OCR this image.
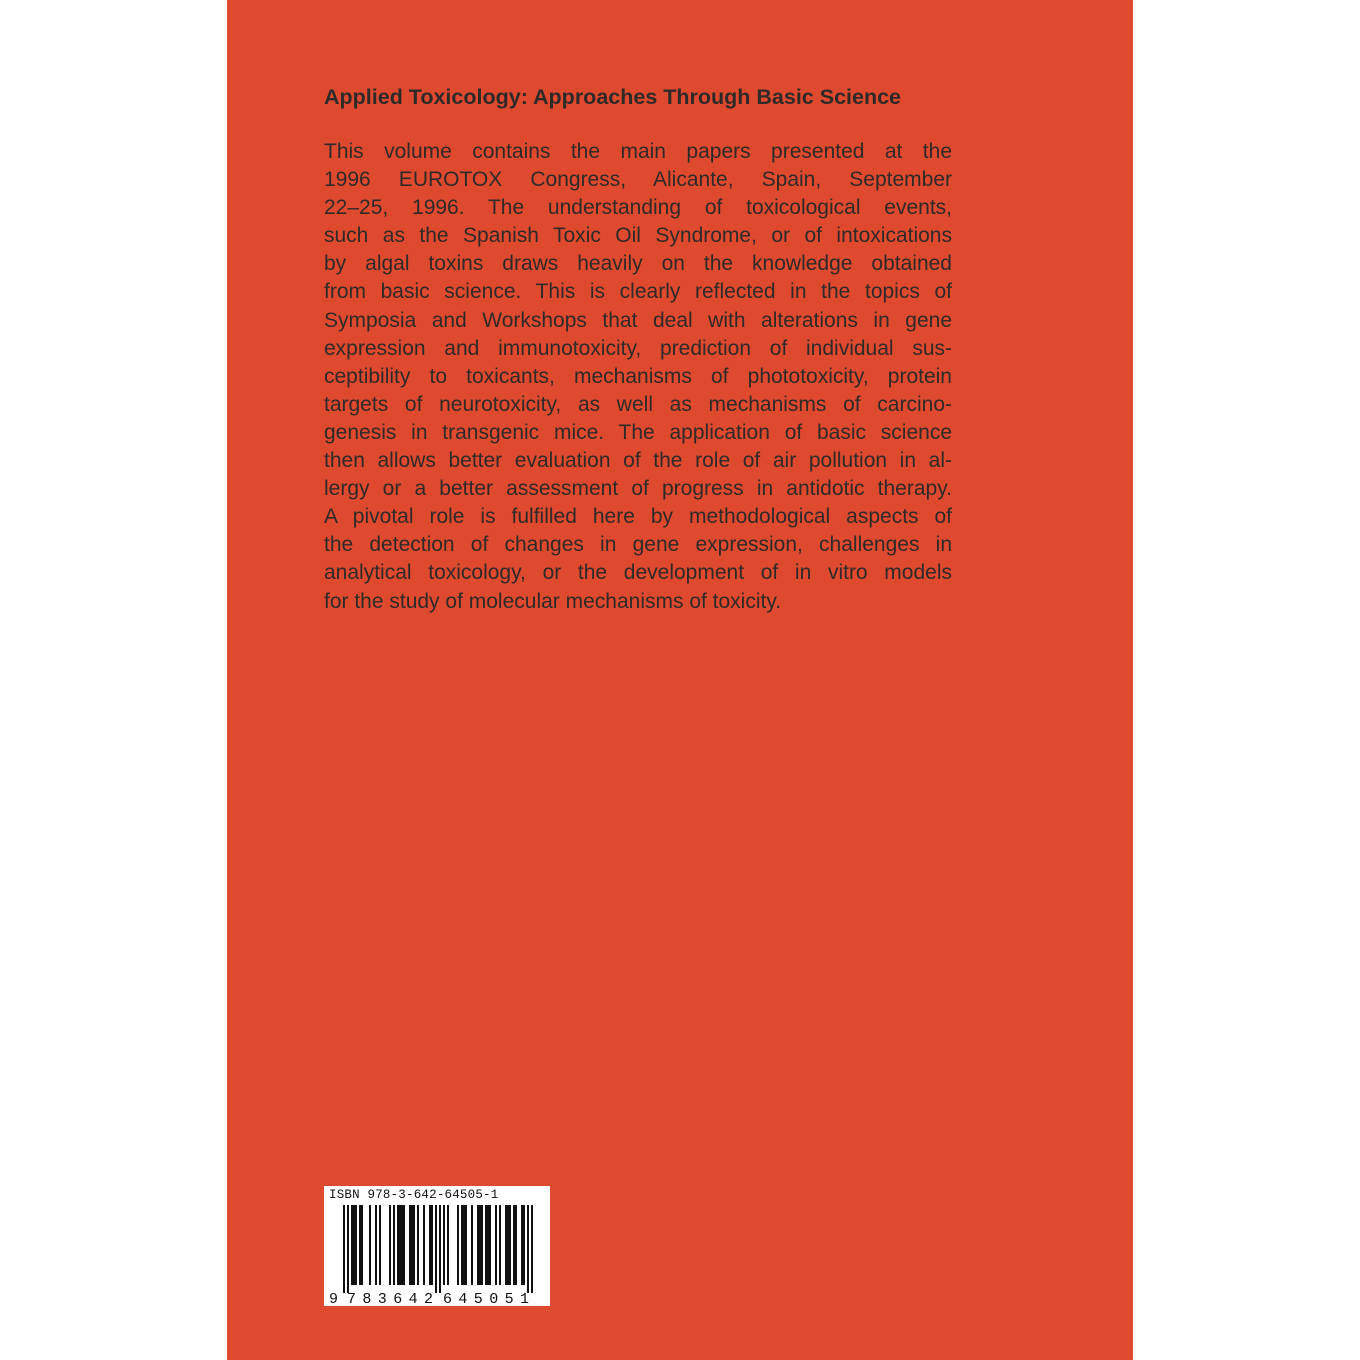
Applied Toxicology: Approaches Through Basic Science
This volume contains the main papers presented at the
1996 EUROTOX Congress, Alicante, Spain, September
22–25, 1996. The understanding of toxicological events,
such as the Spanish Toxic Oil Syndrome, or of intoxications
by algal toxins draws heavily on the knowledge obtained
from basic science. This is clearly reflected in the topics of
Symposia and Workshops that deal with alterations in gene
expression and immunotoxicity, prediction of individual sus-
ceptibility to toxicants, mechanisms of phototoxicity, protein
targets of neurotoxicity, as well as mechanisms of carcino-
genesis in transgenic mice. The application of basic science
then allows better evaluation of the role of air pollution in al-
lergy or a better assessment of progress in antidotic therapy.
A pivotal role is fulfilled here by methodological aspects of
the detection of changes in gene expression, challenges in
analytical toxicology, or the development of in vitro models
for the study of molecular mechanisms of toxicity.
ISBN 978-3-642-64505-1
9 783642 645051
